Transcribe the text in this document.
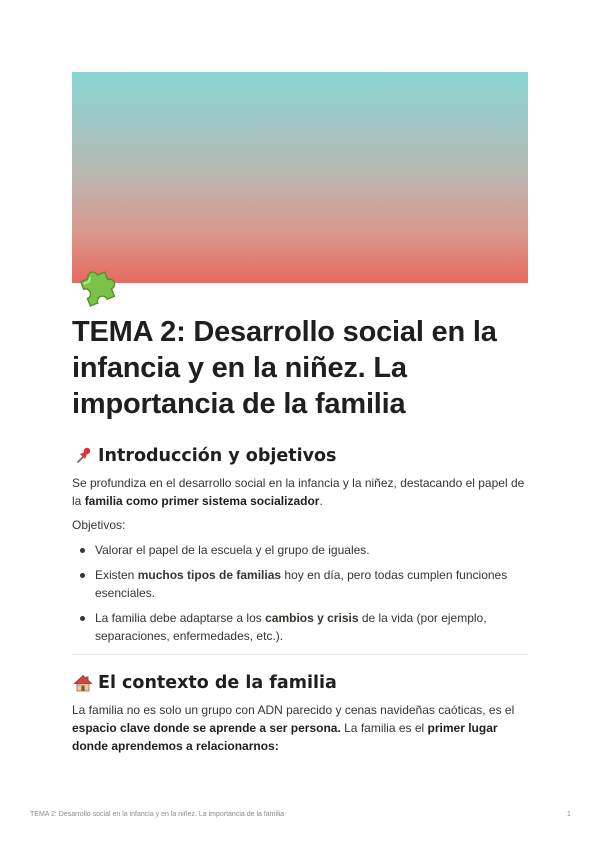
TEMA 2: Desarrollo social en la infancia y en la niñez. La importancia de la familia
Introducción y objetivos

Se profundiza en el desarrollo social en la infancia y la niñez, destacando el papel de la familia como primer sistema socializador.

Objetivos:

Valorar el papel de la escuela y el grupo de iguales.
Existen muchos tipos de familias hoy en día, pero todas cumplen funciones esenciales.
La familia debe adaptarse a los cambios y crisis de la vida (por ejemplo, separaciones, enfermedades, etc.).
El contexto de la familia

La familia no es solo un grupo con ADN parecido y cenas navideñas caóticas, es el espacio clave donde se aprende a ser persona. La familia es el primer lugar donde aprendemos a relacionarnos:

TEMA 2: Desarrollo social en la infancia y en la niñez. La importancia de la familia	1
